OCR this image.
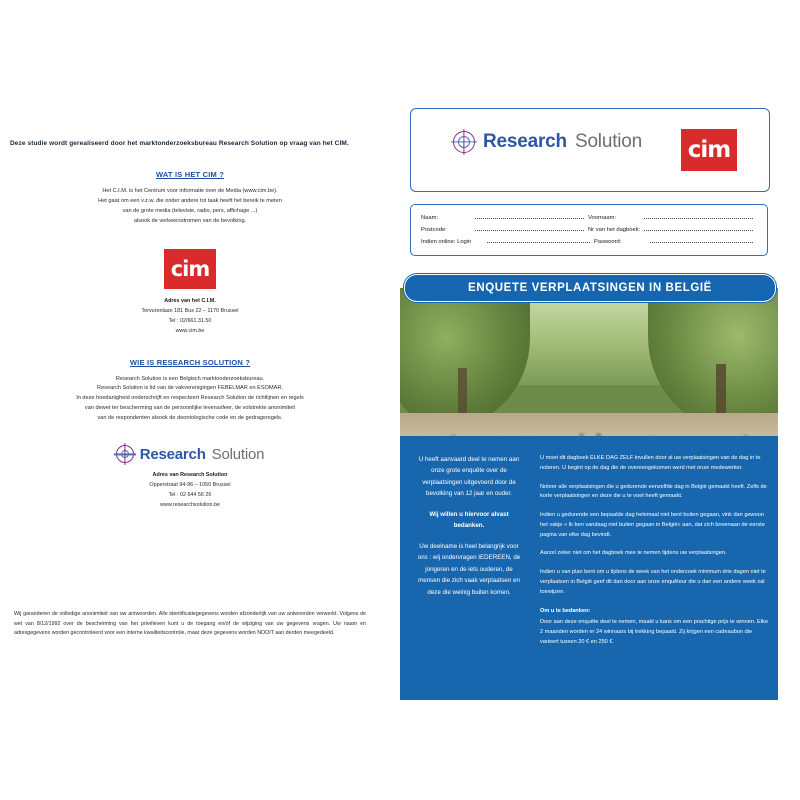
Deze studie wordt gerealiseerd door het marktonderzoeksbureau Research Solution op vraag van het CIM.
WAT IS HET CIM ?

Het C.I.M. is het Centrum voor informatie over de Media (www.cim.be).

Het gaat om een v.z.w. die onder andere tot taak heeft het bereik te meten

van de grote media (televisie, radio, pers, affichage ...)

alsook de verkeersstromen van de bevolking.

cim
Adres van het C.I.M.
Tervurenlaan 181 Bus 22 – 1170 Brussel
Tel : 02/661.31.50
www.cim.be
WIE IS RESEARCH SOLUTION ?

Research Solution is een Belgisch marktonderzoeksbureau.

Research Solution is lid van de vakverenigingen FEBELMAR en ESOMAR.

In deze hoedanigheid onderschrijft en respecteert Research Solution de richtlijnen en regels

van dewet ter bescherming van de persoonlijke levenssfeer, de volstrekte anonimiteit

van de respondenten alsook de deontologische code en de gedragsregels.

Research Solution
Adres van Research Solution
Opperstraat 94-96 – 1050 Brussel
Tel : 02 644 56 26
www.researchsolution.be
Wij garanderen de volledige anonimiteit van uw antwoorden. Alle identificatiegegevens worden afzonderlijk van uw antwoorden verwerkt. Volgens de wet van 8/12/1992 over de bescherming van het privéleven kunt u de toegang en/of de wijziging van uw gegevens vragen. Uw naam en adresgegevens worden gecontroleerd voor een interne kwaliteitscontrole, maar deze gegevens worden NOOIT aan derden meegedeeld.
Research Solution cim
Naam:	Voornaam:
Postcode:	Nr van het dagboek:
Indien online: Login	Paswoord:
ENQUETE VERPLAATSINGEN IN BELGIË

U heeft aanvaard deel te nemen aan onze grote enquête over de verplaatsingen uitgevoerd door de bevolking van 12 jaar en ouder.

Wij willen u hiervoor alvast bedanken.

Uw deelname is heel belangrijk voor ons : wij ondervragen IEDEREEN, de jongeren en de iets ouderen, de mensen die zich vaak verplaatsen en deze die weinig buiten komen.

U moet dit dagboek ELKE DAG ZELF invullen door al uw verplaatsingen van de dag in te noteren. U begint op de dag die de overeengekomen werd met onze medewerker.

Noteer alle verplaatsingen die u gedurende eenzelfde dag in België gemaakt heeft. Zelfs de korte verplaatsingen en deze die u te voet heeft gemaakt.

Indien u gedurende een bepaalde dag helemaal niet bent buiten gegaan, vink dan gewoon het vakje « Ik ben vandaag niet buiten gegaan in België» aan, dat zich bovenaan de eerste pagina van elke dag bevindt.

Aarzel zeker niet om het dagboek mee te nemen tijdens uw verplaatsingen.

Indien u van plan bent om u tijdens de week van het onderzoek minimum drie dagen niet te verplaatsen in België geef dit dan door aan onze enquêteur die u dan een andere week zal toewijzen.

Om u te bedanken:

Door aan deze enquête deel te nemen, maakt u kans om een prachtige prijs te winnen. Elke 2 maanden worden er 24 winnaars bij trekking bepaald. Zij krijgen een cadeaubon die varieert tussen 20 € en 250 €.
